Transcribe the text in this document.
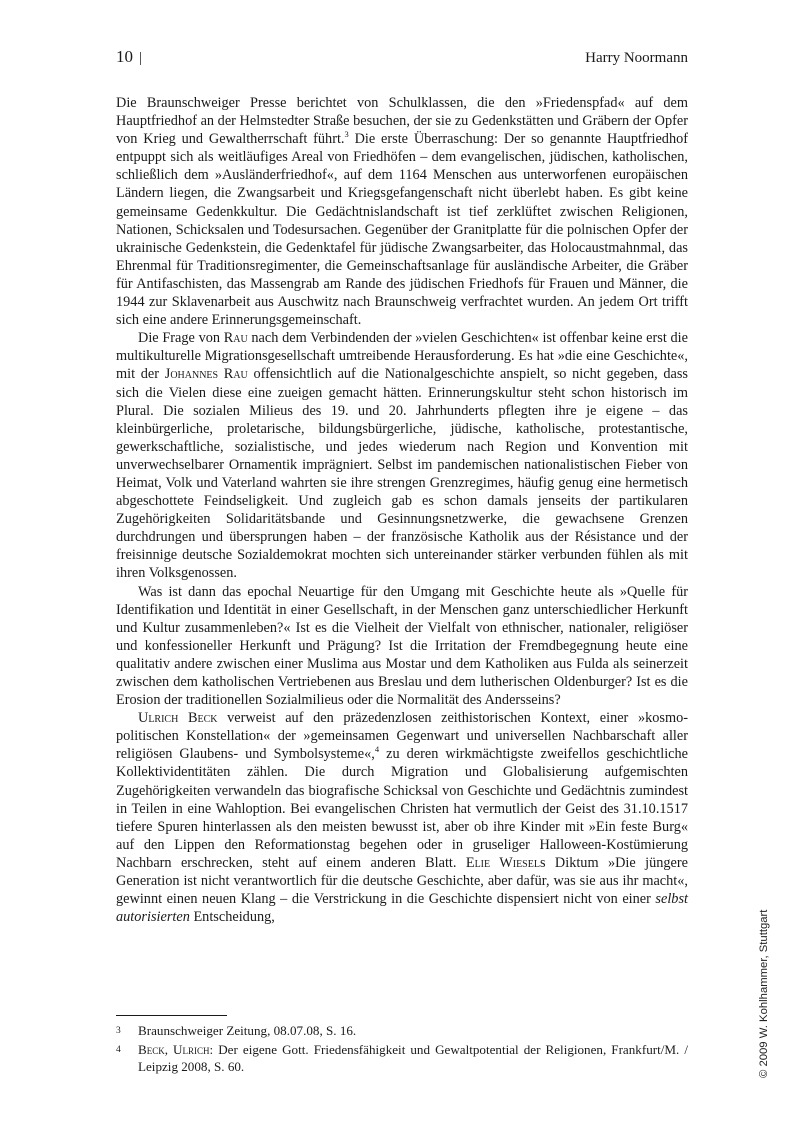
10 |	Harry Noormann

Die Braunschweiger Presse berichtet von Schulklassen, die den »Friedenspfad« auf dem Hauptfriedhof an der Helmstedter Straße besuchen, der sie zu Gedenkstätten und Gräbern der Opfer von Krieg und Gewaltherrschaft führt.$^3$ Die erste Überraschung: Der so genannte Hauptfriedhof entpuppt sich als weitläufiges Areal von Friedhöfen – dem evangelischen, jüdischen, katholischen, schließlich dem »Ausländerfriedhof«, auf dem 1164 Menschen aus unterworfenen europäischen Ländern liegen, die Zwangsarbeit und Kriegsgefangenschaft nicht überlebt haben. Es gibt keine gemeinsame Gedenkkultur. Die Gedächtnislandschaft ist tief zerklüftet zwischen Religionen, Nationen, Schicksalen und Todesursachen. Gegenüber der Granitplatte für die polnischen Opfer der ukrainische Gedenkstein, die Gedenktafel für jüdische Zwangsarbeiter, das Holocaustmahnmal, das Ehrenmal für Traditionsregimenter, die Gemeinschaftsanlage für ausländische Arbeiter, die Gräber für Antifaschisten, das Massengrab am Rande des jüdischen Friedhofs für Frauen und Männer, die 1944 zur Sklavenarbeit aus Auschwitz nach Braunschweig verfrachtet wurden. An jedem Ort trifft sich eine andere Erinnerungsgemeinschaft.

Die Frage von Rau nach dem Verbindenden der »vielen Geschichten« ist offenbar keine erst die multikulturelle Migrationsgesellschaft umtreibende Herausforderung. Es hat »die eine Geschichte«, mit der Johannes Rau offensichtlich auf die Nationalgeschichte anspielt, so nicht gegeben, dass sich die Vielen diese eine zueigen gemacht hätten. Erinnerungskultur steht schon historisch im Plural. Die sozialen Milieus des 19. und 20. Jahrhunderts pflegten ihre je eigene – das kleinbürgerliche, proletarische, bildungsbürgerliche, jüdische, katholische, protestantische, gewerkschaftliche, sozialistische, und jedes wiederum nach Region und Konvention mit unverwechselbarer Ornamentik imprägniert. Selbst im pandemischen nationalistischen Fieber von Heimat, Volk und Vaterland wahrten sie ihre strengen Grenzregimes, häufig genug eine hermetisch abgeschottete Feindseligkeit. Und zugleich gab es schon damals jenseits der partikularen Zugehörigkeiten Solidaritätsbande und Gesinnungsnetzwerke, die gewachsene Grenzen durchdrungen und übersprungen haben – der französische Katholik aus der Résistance und der freisinnige deutsche Sozialdemokrat mochten sich untereinander stärker verbunden fühlen als mit ihren Volksgenossen.

Was ist dann das epochal Neuartige für den Umgang mit Geschichte heute als »Quelle für Identifikation und Identität in einer Gesellschaft, in der Menschen ganz unterschiedlicher Herkunft und Kultur zusammenleben?« Ist es die Vielheit der Vielfalt von ethnischer, nationaler, religiöser und konfessioneller Herkunft und Prägung? Ist die Irritation der Fremdbegegnung heute eine qualitativ andere zwischen einer Muslima aus Mostar und dem Katholiken aus Fulda als seinerzeit zwischen dem katholischen Vertriebenen aus Breslau und dem lutherischen Oldenburger? Ist es die Erosion der traditionellen Sozialmilieus oder die Normalität des Andersseins?

Ulrich Beck verweist auf den präzedenzlosen zeithistorischen Kontext, einer »kosmopolitischen Konstellation« der »gemeinsamen Gegenwart und universellen Nachbarschaft aller religiösen Glaubens- und Symbolsysteme«,$^4$ zu deren wirkmächtigste zweifellos geschichtliche Kollektividentitäten zählen. Die durch Migration und Globalisierung aufgemischten Zugehörigkeiten verwandeln das biografische Schicksal von Geschichte und Gedächtnis zumindest in Teilen in eine Wahloption. Bei evangelischen Christen hat vermutlich der Geist des 31.10.1517 tiefere Spuren hinterlassen als den meisten bewusst ist, aber ob ihre Kinder mit »Ein feste Burg« auf den Lippen den Reformationstag begehen oder in gruseliger Halloween-Kostümierung Nachbarn erschrecken, steht auf einem anderen Blatt. Elie Wiesels Diktum »Die jüngere Generation ist nicht verantwortlich für die deutsche Geschichte, aber dafür, was sie aus ihr macht«, gewinnt einen neuen Klang – die Verstrickung in die Geschichte dispensiert nicht von einer selbst autorisierten Entscheidung,

3	Braunschweiger Zeitung, 08.07.08, S. 16.
4	Beck, Ulrich: Der eigene Gott. Friedensfähigkeit und Gewaltpotential der Religionen, Frankfurt/M. / Leipzig 2008, S. 60.	© 2009 W. Kohlhammer, Stuttgart
